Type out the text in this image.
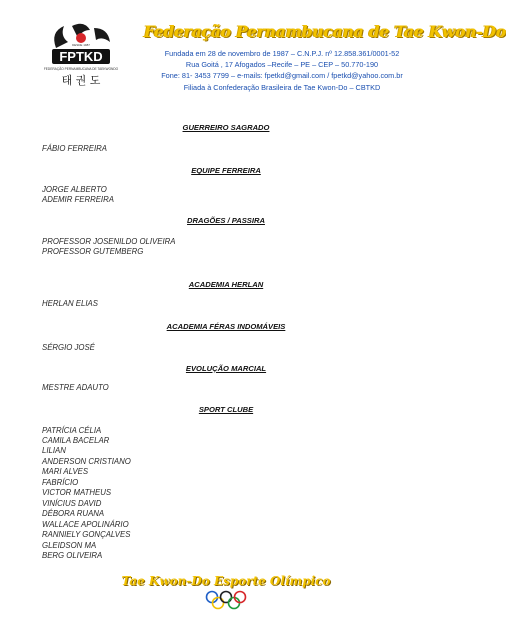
FPTKD
DESDE 1987
FEDERAÇÃO PERNAMBUCANA DE TAEKWONDO
태 권 도
Federação Pernambucana de Tae Kwon-Do
Fundada em 28 de novembro de 1987 – C.N.P.J. nº 12.858.361/0001-52
Rua Goitá , 17 Afogados –Recife – PE – CEP – 50.770-190
Fone: 81- 3453 7799 – e-mails: fpetkd@gmail.com / fpetkd@yahoo.com.br
Filiada à Confederação Brasileira de Tae Kwon-Do – CBTKD
GUERREIRO SAGRADO
FÁBIO FERREIRA
EQUIPE FERREIRA
JORGE ALBERTO
ADEMIR FERREIRA
DRAGÕES / PASSIRA
PROFESSOR JOSENILDO OLIVEIRA
PROFESSOR GUTEMBERG
ACADEMIA HERLAN
HERLAN ELIAS
ACADEMIA FÉRAS INDOMÁVEIS
SÉRGIO JOSÉ
EVOLUÇÃO MARCIAL
MESTRE ADAUTO
SPORT CLUBE
PATRÍCIA CÉLIA
CAMILA BACELAR
LILIAN
ANDERSON CRISTIANO
MARI ALVES
FABRÍCIO
VICTOR MATHEUS
VINÍCIUS DAVID
DÉBORA RUANA
WALLACE APOLINÁRIO
RANNIELY GONÇALVES
GLEIDSON MA
BERG OLIVEIRA
Tae Kwon-Do Esporte Olímpico
